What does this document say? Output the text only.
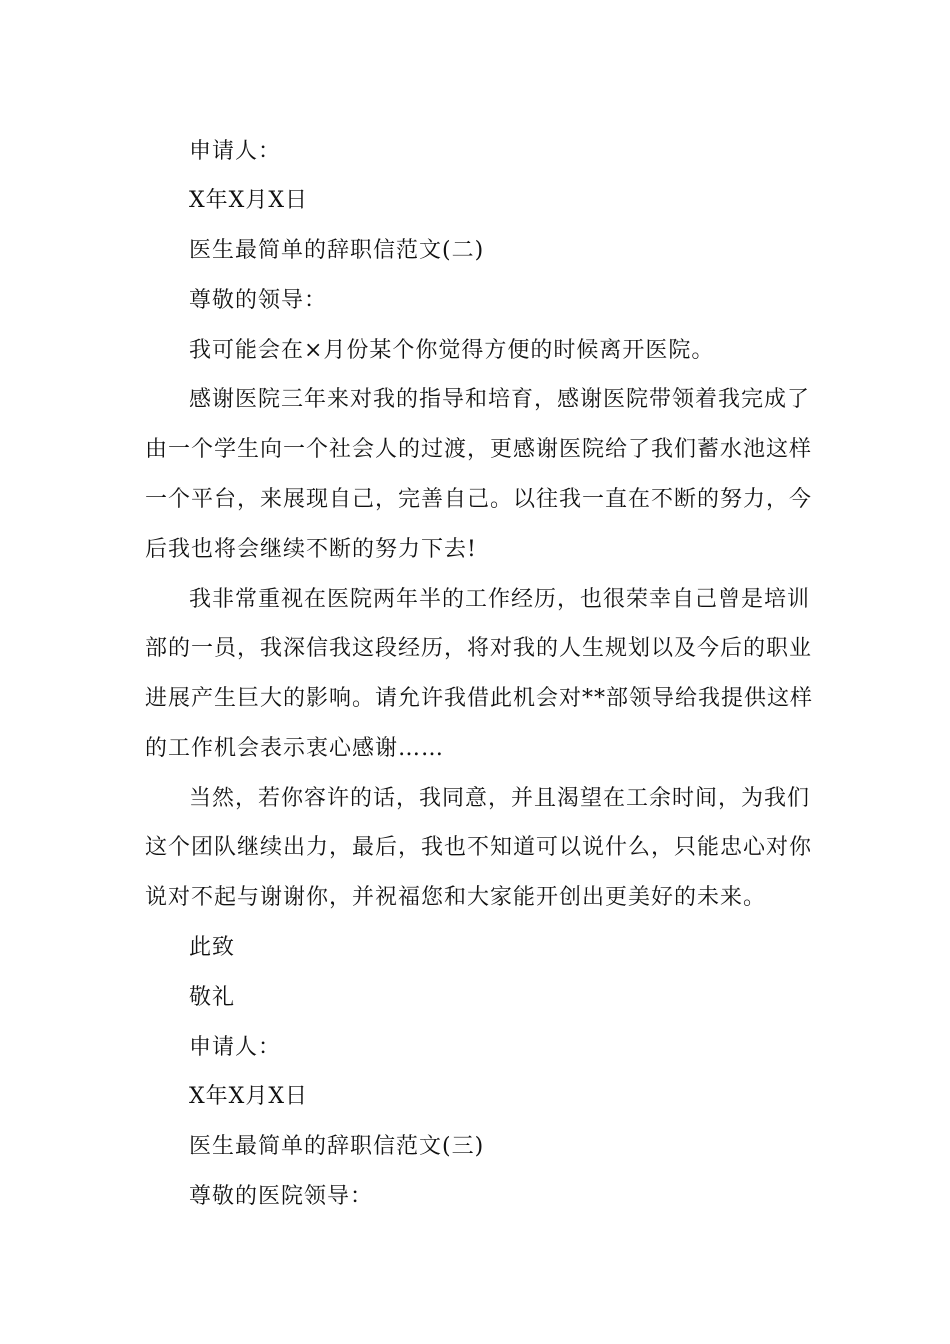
申请人：
X年X月X日
医生最简单的辞职信范文(二)
尊敬的领导：
我可能会在×月份某个你觉得方便的时候离开医院。
感谢医院三年来对我的指导和培育，感谢医院带领着我完成了
由一个学生向一个社会人的过渡，更感谢医院给了我们蓄水池这样
一个平台，来展现自己，完善自己。以往我一直在不断的努力，今
后我也将会继续不断的努力下去!
我非常重视在医院两年半的工作经历，也很荣幸自己曾是培训
部的一员，我深信我这段经历，将对我的人生规划以及今后的职业
进展产生巨大的影响。请允许我借此机会对**部领导给我提供这样
的工作机会表示衷心感谢……
当然，若你容许的话，我同意，并且渴望在工余时间，为我们
这个团队继续出力，最后，我也不知道可以说什么，只能忠心对你
说对不起与谢谢你，并祝福您和大家能开创出更美好的未来。
此致
敬礼
申请人：
X年X月X日
医生最简单的辞职信范文(三)
尊敬的医院领导：
